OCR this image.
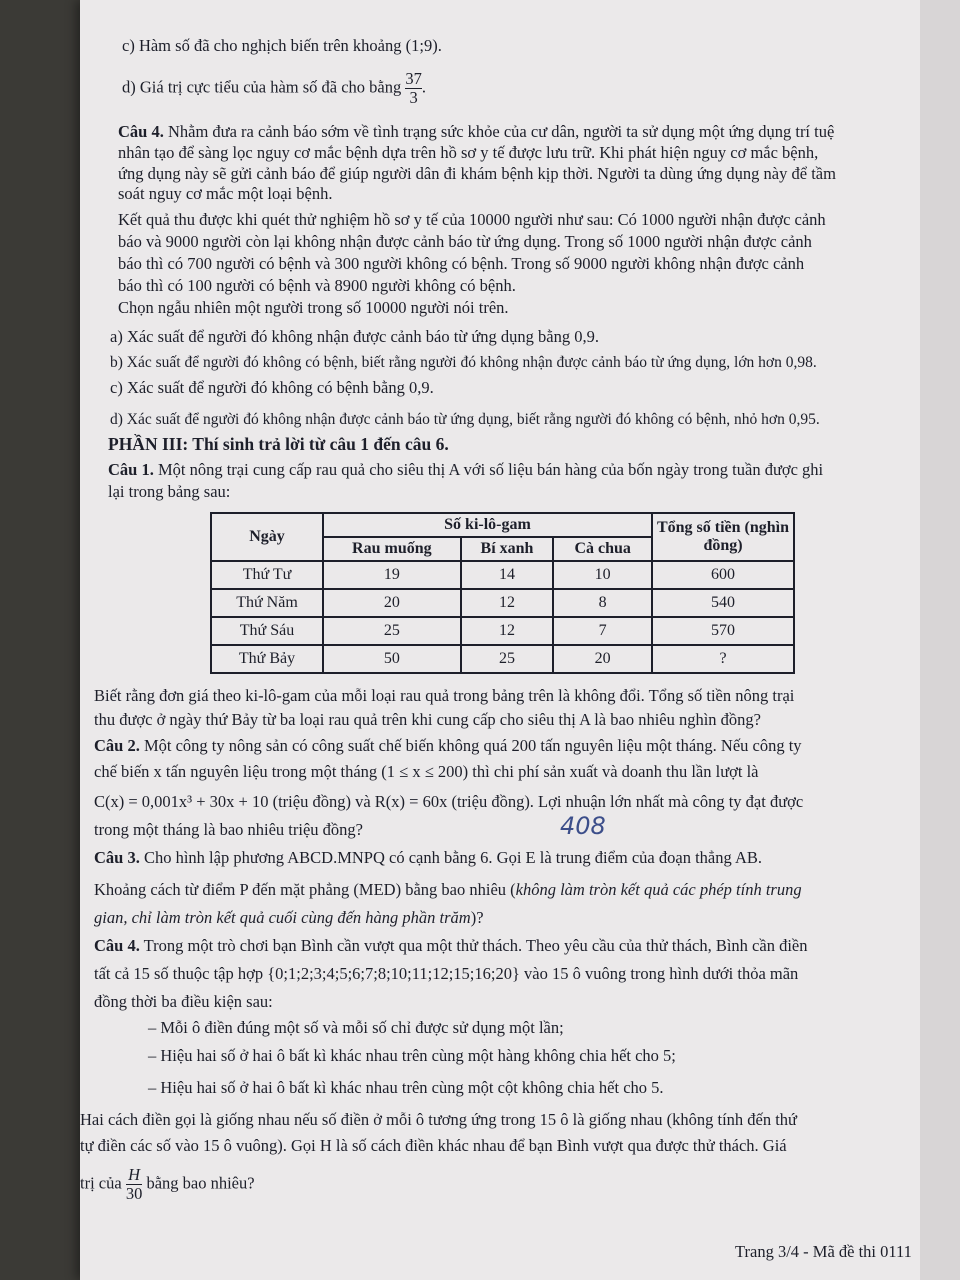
c) Hàm số đã cho nghịch biến trên khoảng (1;9).
d) Giá trị cực tiểu của hàm số đã cho bằng $\frac{37}{3}$ .
Câu 4. Nhằm đưa ra cảnh báo sớm về tình trạng sức khỏe của cư dân, người ta sử dụng một ứng dụng trí tuệ
nhân tạo để sàng lọc nguy cơ mắc bệnh dựa trên hồ sơ y tế được lưu trữ. Khi phát hiện nguy cơ mắc bệnh,
ứng dụng này sẽ gửi cảnh báo để giúp người dân đi khám bệnh kịp thời. Người ta dùng ứng dụng này để tầm
soát nguy cơ mắc một loại bệnh.
Kết quả thu được khi quét thử nghiệm hồ sơ y tế của 10000 người như sau: Có 1000 người nhận được cảnh
báo và 9000 người còn lại không nhận được cảnh báo từ ứng dụng. Trong số 1000 người nhận được cảnh
báo thì có 700 người có bệnh và 300 người không có bệnh. Trong số 9000 người không nhận được cảnh
báo thì có 100 người có bệnh và 8900 người không có bệnh.
Chọn ngẫu nhiên một người trong số 10000 người nói trên.
a) Xác suất để người đó không nhận được cảnh báo từ ứng dụng bằng 0,9.
b) Xác suất để người đó không có bệnh, biết rằng người đó không nhận được cảnh báo từ ứng dụng, lớn hơn 0,98.
c) Xác suất để người đó không có bệnh bằng 0,9.
d) Xác suất để người đó không nhận được cảnh báo từ ứng dụng, biết rằng người đó không có bệnh, nhỏ hơn 0,95.
PHẦN III: Thí sinh trả lời từ câu 1 đến câu 6.
Câu 1. Một nông trại cung cấp rau quả cho siêu thị A với số liệu bán hàng của bốn ngày trong tuần được ghi
lại trong bảng sau:
Ngày	Số ki-lô-gam			Tổng số tiền (nghìn đồng)
	Rau muống	Bí xanh	Cà chua	
Thứ Tư	19	14	10	600
Thứ Năm	20	12	8	540
Thứ Sáu	25	12	7	570
Thứ Bảy	50	25	20	?
Biết rằng đơn giá theo ki-lô-gam của mỗi loại rau quả trong bảng trên là không đổi. Tổng số tiền nông trại
thu được ở ngày thứ Bảy từ ba loại rau quả trên khi cung cấp cho siêu thị A là bao nhiêu nghìn đồng?
Câu 2. Một công ty nông sản có công suất chế biến không quá 200 tấn nguyên liệu một tháng. Nếu công ty
chế biến x tấn nguyên liệu trong một tháng (1 ≤ x ≤ 200) thì chi phí sản xuất và doanh thu lần lượt là
C(x) = 0,001x³ + 30x + 10 (triệu đồng) và R(x) = 60x (triệu đồng). Lợi nhuận lớn nhất mà công ty đạt được
trong một tháng là bao nhiêu triệu đồng?	408
Câu 3. Cho hình lập phương ABCD.MNPQ có cạnh bằng 6. Gọi E là trung điểm của đoạn thẳng AB.
Khoảng cách từ điểm P đến mặt phẳng (MED) bằng bao nhiêu (không làm tròn kết quả các phép tính trung
gian, chỉ làm tròn kết quả cuối cùng đến hàng phần trăm)?
Câu 4. Trong một trò chơi bạn Bình cần vượt qua một thử thách. Theo yêu cầu của thử thách, Bình cần điền
tất cả 15 số thuộc tập hợp {0;1;2;3;4;5;6;7;8;10;11;12;15;16;20} vào 15 ô vuông trong hình dưới thỏa mãn
đồng thời ba điều kiện sau:
– Mỗi ô điền đúng một số và mỗi số chỉ được sử dụng một lần;
– Hiệu hai số ở hai ô bất kì khác nhau trên cùng một hàng không chia hết cho 5;
– Hiệu hai số ở hai ô bất kì khác nhau trên cùng một cột không chia hết cho 5.
Hai cách điền gọi là giống nhau nếu số điền ở mỗi ô tương ứng trong 15 ô là giống nhau (không tính đến thứ
tự điền các số vào 15 ô vuông). Gọi H là số cách điền khác nhau để bạn Bình vượt qua được thử thách. Giá
trị của $\frac{H}{30}$ bằng bao nhiêu?
Trang 3/4 - Mã đề thi 0111
